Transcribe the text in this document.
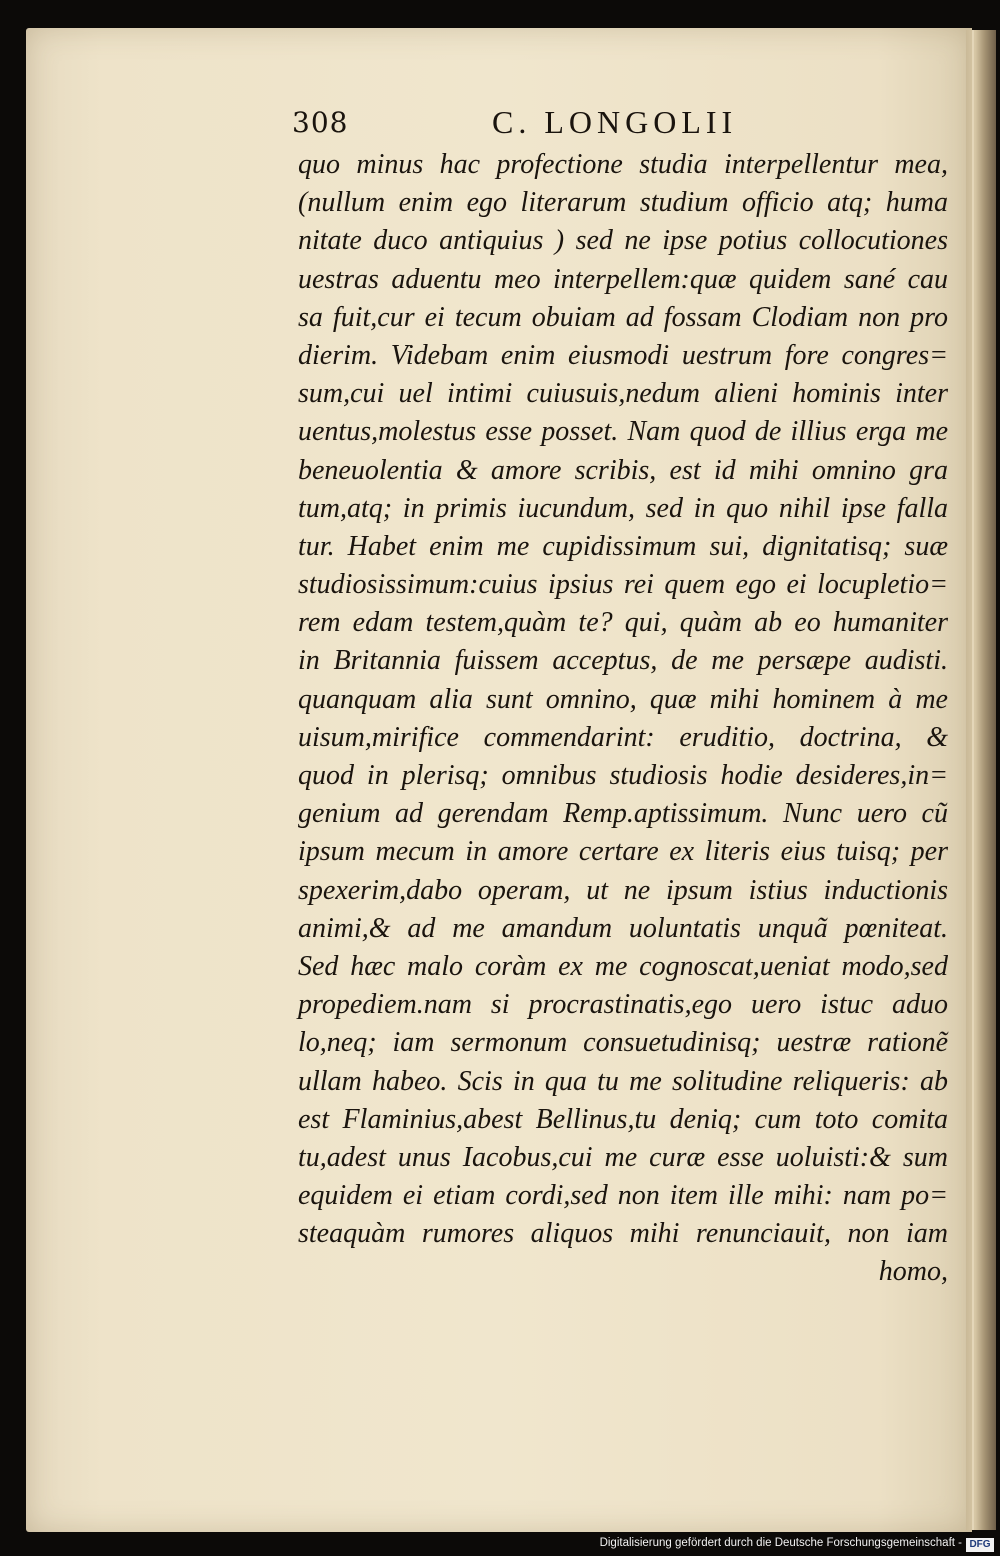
308	C. LONGOLII
quo minus hac profectione studia interpellentur mea,
(nullum enim ego literarum studium officio atq; huma
nitate duco antiquius ) sed ne ipse potius collocutiones
uestras aduentu meo interpellem:quæ quidem sané cau
sa fuit,cur ei tecum obuiam ad fossam Clodiam non pro
dierim. Videbam enim eiusmodi uestrum fore congres=
sum,cui uel intimi cuiusuis,nedum alieni hominis inter
uentus,molestus esse posset. Nam quod de illius erga me
beneuolentia & amore scribis, est id mihi omnino gra
tum,atq; in primis iucundum, sed in quo nihil ipse falla
tur. Habet enim me cupidissimum sui, dignitatisq; suæ
studiosissimum:cuius ipsius rei quem ego ei locupletio=
rem edam testem,quàm te? qui, quàm ab eo humaniter
in Britannia fuissem acceptus, de me persæpe audisti.
quanquam alia sunt omnino, quæ mihi hominem à me
uisum,mirifice commendarint: eruditio, doctrina, &
quod in plerisq; omnibus studiosis hodie desideres,in=
genium ad gerendam Remp.aptissimum. Nunc uero cũ
ipsum mecum in amore certare ex literis eius tuisq; per
spexerim,dabo operam, ut ne ipsum istius inductionis
animi,& ad me amandum uoluntatis unquã pœniteat.
Sed hæc malo coràm ex me cognoscat,ueniat modo,sed
propediem.nam si procrastinatis,ego uero istuc aduo
lo,neq; iam sermonum consuetudinisq; uestræ rationẽ
ullam habeo. Scis in qua tu me solitudine reliqueris: ab
est Flaminius,abest Bellinus,tu deniq; cum toto comita
tu,adest unus Iacobus,cui me curæ esse uoluisti:& sum
equidem ei etiam cordi,sed non item ille mihi: nam po=
steaquàm rumores aliquos mihi renunciauit, non iam
homo,
Digitalisierung gefördert durch die Deutsche Forschungsgemeinschaft - DFG
